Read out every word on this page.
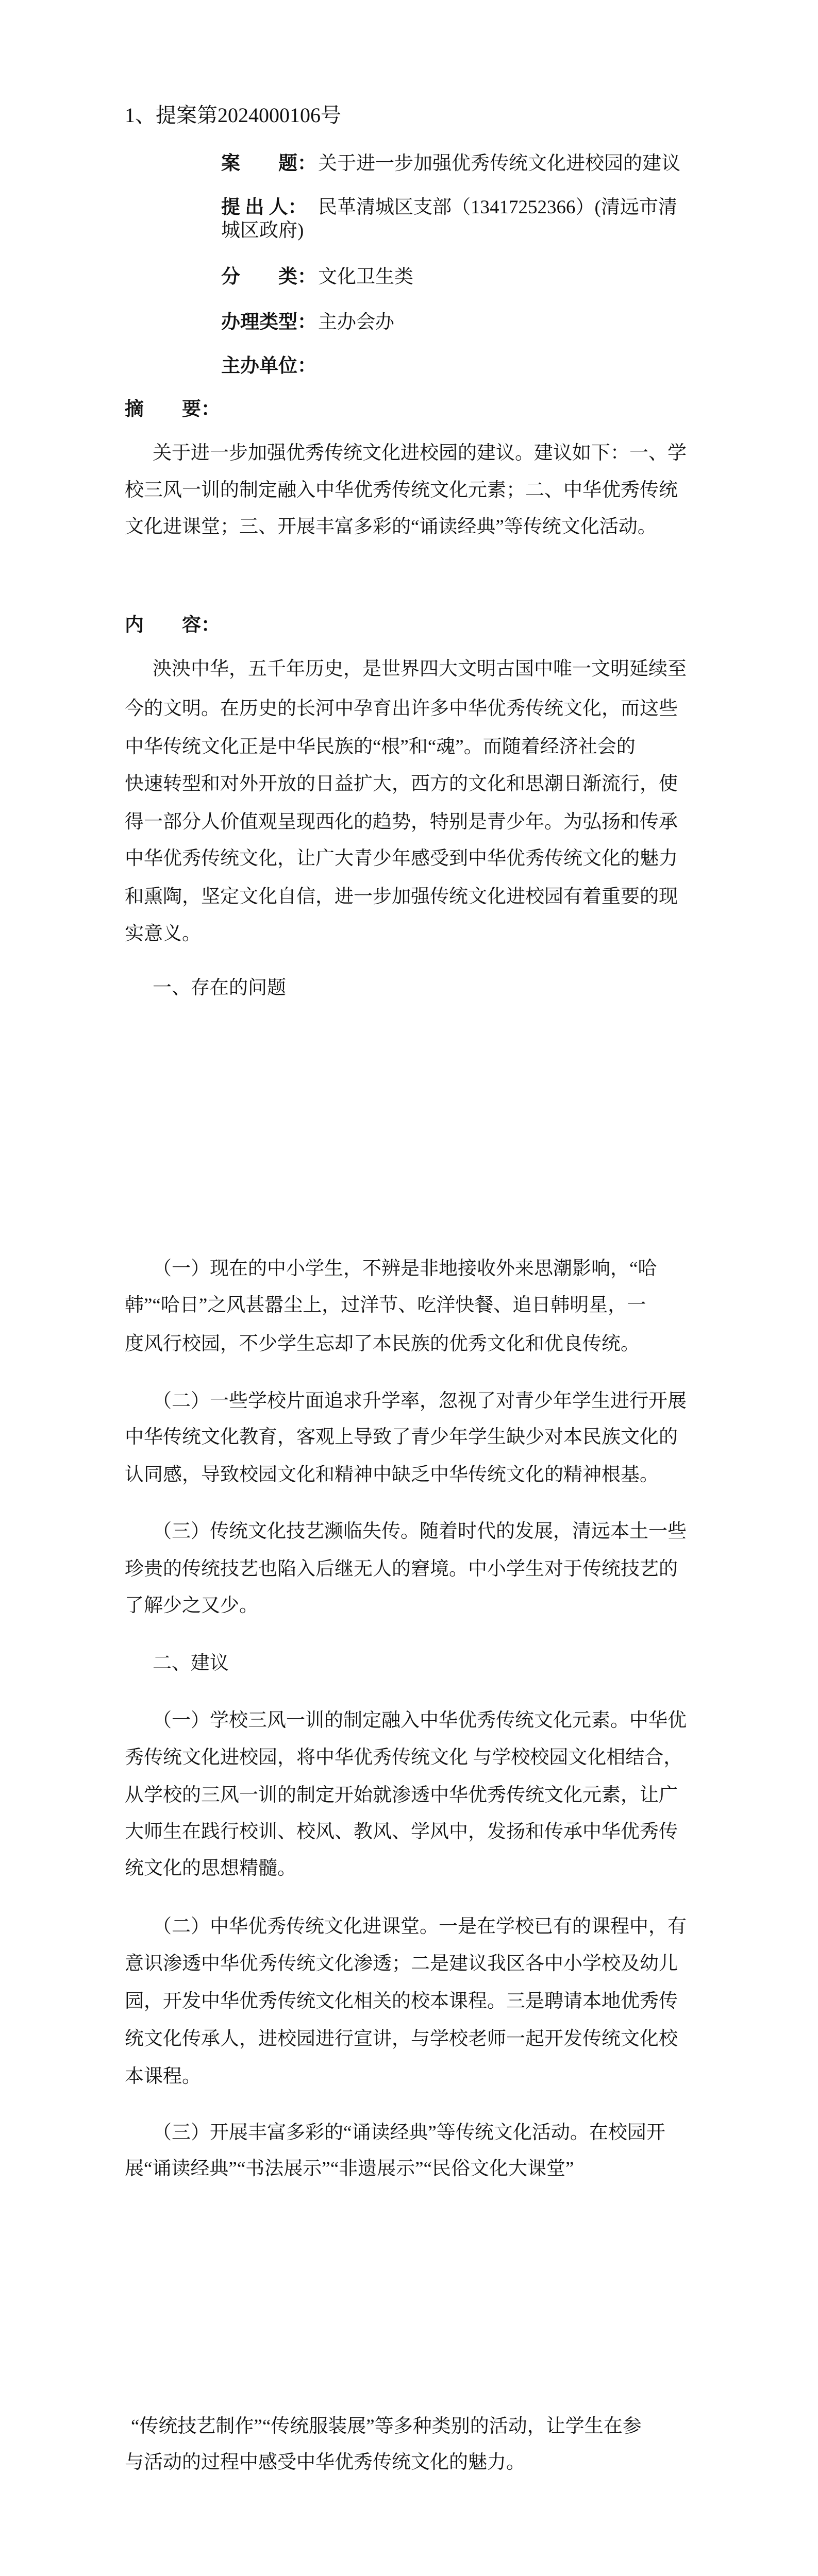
1、提案第2024000106号
案　　题： 关于进一步加强优秀传统文化进校园的建议
提 出 人： 民革清城区支部（13417252366）(清远市清
城区政府)
分　　类： 文化卫生类
办理类型： 主办会办
主办单位：
摘　　要：
关于进一步加强优秀传统文化进校园的建议。建议如下：一、学
校三风一训的制定融入中华优秀传统文化元素；二、中华优秀传统
文化进课堂；三、开展丰富多彩的“诵读经典”等传统文化活动。
内　　容：
泱泱中华，五千年历史，是世界四大文明古国中唯一文明延续至
今的文明。在历史的长河中孕育出许多中华优秀传统文化，而这些
中华传统文化正是中华民族的“根”和“魂”。而随着经济社会的
快速转型和对外开放的日益扩大，西方的文化和思潮日渐流行，使
得一部分人价值观呈现西化的趋势，特别是青少年。为弘扬和传承
中华优秀传统文化，让广大青少年感受到中华优秀传统文化的魅力
和熏陶，坚定文化自信，进一步加强传统文化进校园有着重要的现
实意义。
一、存在的问题
（一）现在的中小学生，不辨是非地接收外来思潮影响，“哈
韩”“哈日”之风甚嚣尘上，过洋节、吃洋快餐、追日韩明星，一
度风行校园，不少学生忘却了本民族的优秀文化和优良传统。
（二）一些学校片面追求升学率，忽视了对青少年学生进行开展
中华传统文化教育，客观上导致了青少年学生缺少对本民族文化的
认同感，导致校园文化和精神中缺乏中华传统文化的精神根基。
（三）传统文化技艺濒临失传。随着时代的发展，清远本土一些
珍贵的传统技艺也陷入后继无人的窘境。中小学生对于传统技艺的
了解少之又少。
二、建议
（一）学校三风一训的制定融入中华优秀传统文化元素。中华优
秀传统文化进校园，将中华优秀传统文化 与学校校园文化相结合，
从学校的三风一训的制定开始就渗透中华优秀传统文化元素，让广
大师生在践行校训、校风、教风、学风中，发扬和传承中华优秀传
统文化的思想精髓。
（二）中华优秀传统文化进课堂。一是在学校已有的课程中，有
意识渗透中华优秀传统文化渗透；二是建议我区各中小学校及幼儿
园，开发中华优秀传统文化相关的校本课程。三是聘请本地优秀传
统文化传承人，进校园进行宣讲，与学校老师一起开发传统文化校
本课程。
（三）开展丰富多彩的“诵读经典”等传统文化活动。在校园开
展“诵读经典”“书法展示”“非遗展示”“民俗文化大课堂”
“传统技艺制作”“传统服装展”等多种类别的活动，让学生在参
与活动的过程中感受中华优秀传统文化的魅力。
